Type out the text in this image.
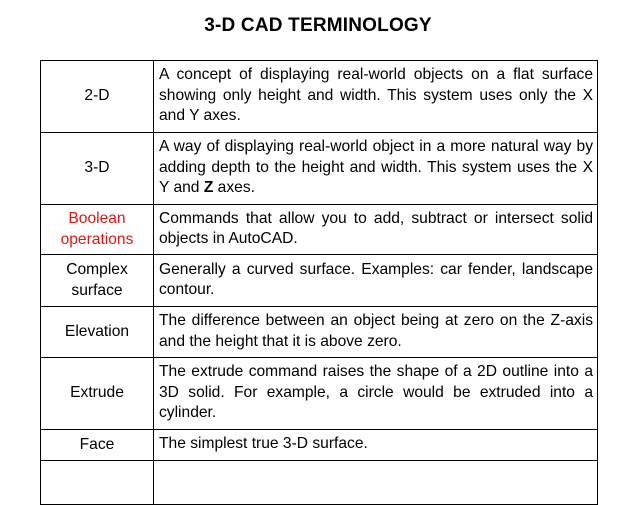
3-D CAD TERMINOLOGY
2-D	A concept of displaying real-world objects on a flat surface showing only height and width. This system uses only the X and Y axes.
3-D	A way of displaying real-world object in a more natural way by adding depth to the height and width. This system uses the X Y and Z axes.
Boolean operations	Commands that allow you to add, subtract or intersect solid objects in AutoCAD.
Complex surface	Generally a curved surface. Examples: car fender, landscape contour.
Elevation	The difference between an object being at zero on the Z-axis and the height that it is above zero.
Extrude	The extrude command raises the shape of a 2D outline into a 3D solid. For example, a circle would be extruded into a cylinder.
Face	The simplest true 3-D surface.
